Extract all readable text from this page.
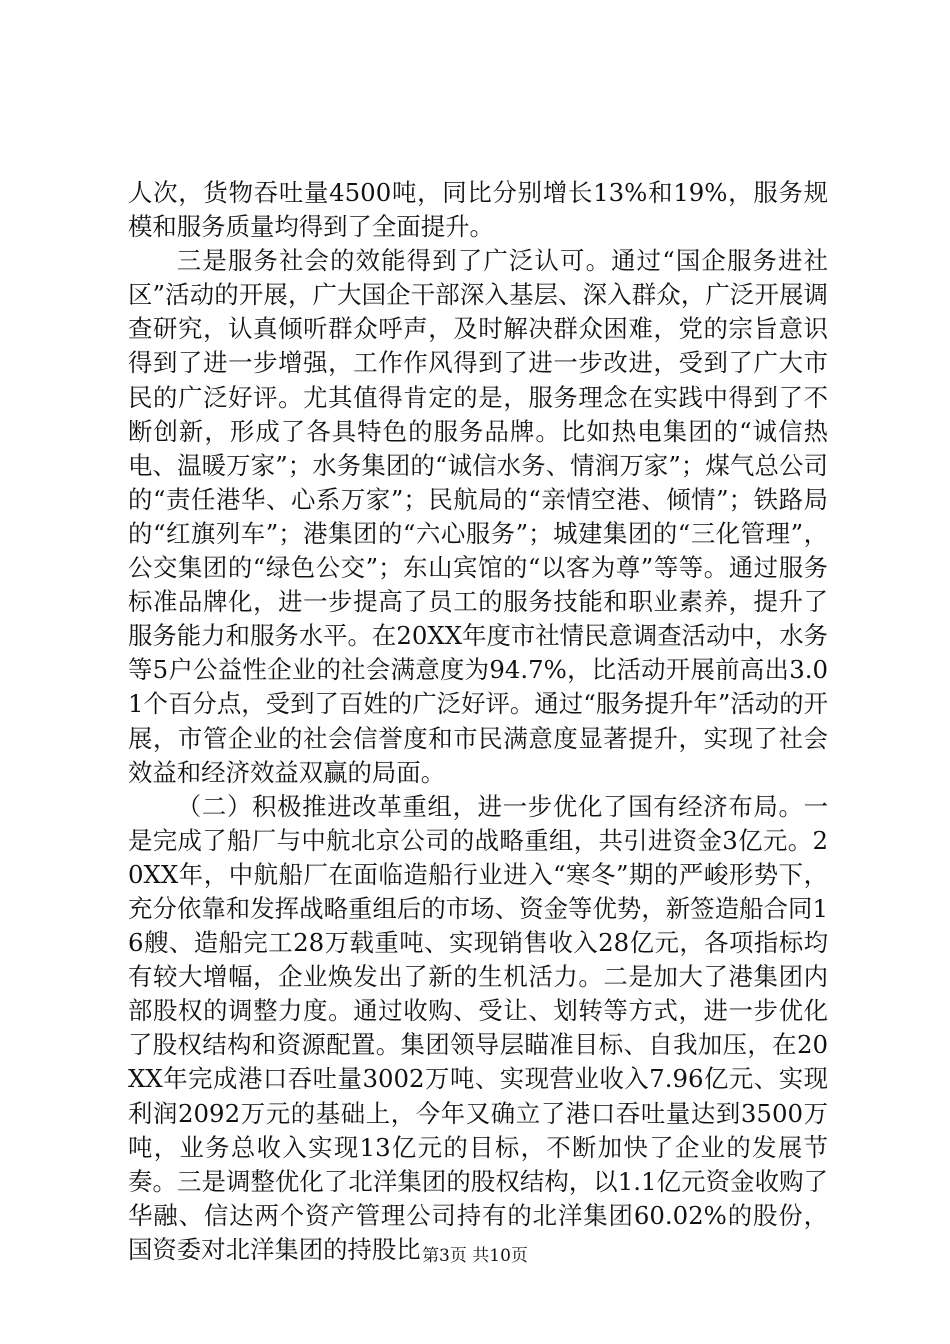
人次，货物吞吐量4500吨，同比分别增长13%和19%，服务规模和服务质量均得到了全面提升。

三是服务社会的效能得到了广泛认可。通过“国企服务进社区”活动的开展，广大国企干部深入基层、深入群众，广泛开展调查研究，认真倾听群众呼声，及时解决群众困难，党的宗旨意识得到了进一步增强，工作作风得到了进一步改进，受到了广大市民的广泛好评。尤其值得肯定的是，服务理念在实践中得到了不断创新，形成了各具特色的服务品牌。比如热电集团的“诚信热电、温暖万家”；水务集团的“诚信水务、情润万家”；煤气总公司的“责任港华、心系万家”；民航局的“亲情空港、倾情”；铁路局的“红旗列车”；港集团的“六心服务”；城建集团的“三化管理”，公交集团的“绿色公交”；东山宾馆的“以客为尊”等等。通过服务标准品牌化，进一步提高了员工的服务技能和职业素养，提升了服务能力和服务水平。在20XX年度市社情民意调查活动中，水务等5户公益性企业的社会满意度为94.7%，比活动开展前高出3.01个百分点，受到了百姓的广泛好评。通过“服务提升年”活动的开展，市管企业的社会信誉度和市民满意度显著提升，实现了社会效益和经济效益双赢的局面。

（二）积极推进改革重组，进一步优化了国有经济布局。一是完成了船厂与中航北京公司的战略重组，共引进资金3亿元。20XX年，中航船厂在面临造船行业进入“寒冬”期的严峻形势下，充分依靠和发挥战略重组后的市场、资金等优势，新签造船合同16艘、造船完工28万载重吨、实现销售收入28亿元，各项指标均有较大增幅，企业焕发出了新的生机活力。二是加大了港集团内部股权的调整力度。通过收购、受让、划转等方式，进一步优化了股权结构和资源配置。集团领导层瞄准目标、自我加压，在20XX年完成港口吞吐量3002万吨、实现营业收入7.96亿元、实现利润2092万元的基础上，今年又确立了港口吞吐量达到3500万吨，业务总收入实现13亿元的目标，不断加快了企业的发展节奏。三是调整优化了北洋集团的股权结构，以1.1亿元资金收购了华融、信达两个资产管理公司持有的北洋集团60.02%的股份，国资委对北洋集团的持股比 第3页 共10页
